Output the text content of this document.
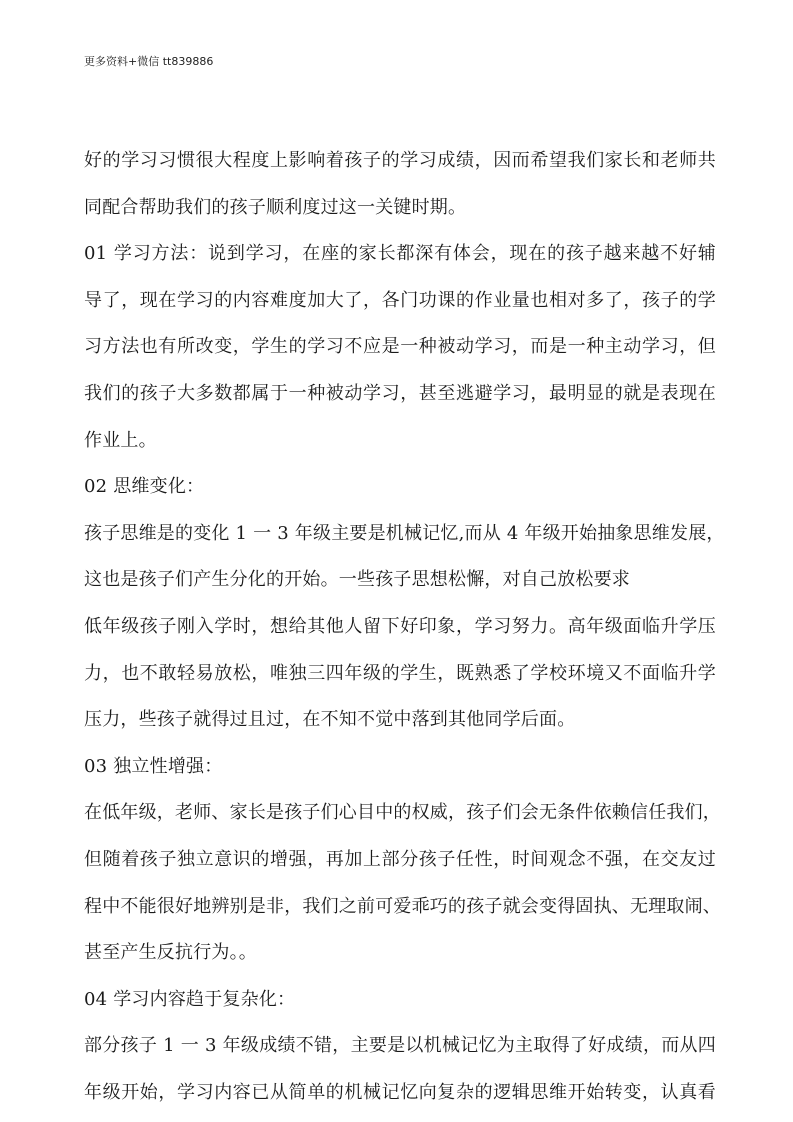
更多资料+微信 tt839886
好的学习习惯很大程度上影响着孩子的学习成绩，因而希望我们家长和老师共
同配合帮助我们的孩子顺利度过这一关键时期。
01 学习方法：说到学习，在座的家长都深有体会，现在的孩子越来越不好辅
导了，现在学习的内容难度加大了，各门功课的作业量也相对多了，孩子的学
习方法也有所改变，学生的学习不应是一种被动学习，而是一种主动学习，但
我们的孩子大多数都属于一种被动学习，甚至逃避学习，最明显的就是表现在
作业上。
02 思维变化：
孩子思维是的变化 1 一 3 年级主要是机械记忆,而从 4 年级开始抽象思维发展，
这也是孩子们产生分化的开始。一些孩子思想松懈，对自己放松要求
低年级孩子刚入学时，想给其他人留下好印象，学习努力。高年级面临升学压
力，也不敢轻易放松，唯独三四年级的学生，既熟悉了学校环境又不面临升学
压力，些孩子就得过且过，在不知不觉中落到其他同学后面。
03 独立性增强：
在低年级，老师、家长是孩子们心目中的权威，孩子们会无条件依赖信任我们，
但随着孩子独立意识的增强，再加上部分孩子任性，时间观念不强，在交友过
程中不能很好地辨别是非，我们之前可爱乖巧的孩子就会变得固执、无理取闹、
甚至产生反抗行为。。
04 学习内容趋于复杂化：
部分孩子 1 一 3 年级成绩不错，主要是以机械记忆为主取得了好成绩，而从四
年级开始，学习内容已从简单的机械记忆向复杂的逻辑思维开始转变，认真看
